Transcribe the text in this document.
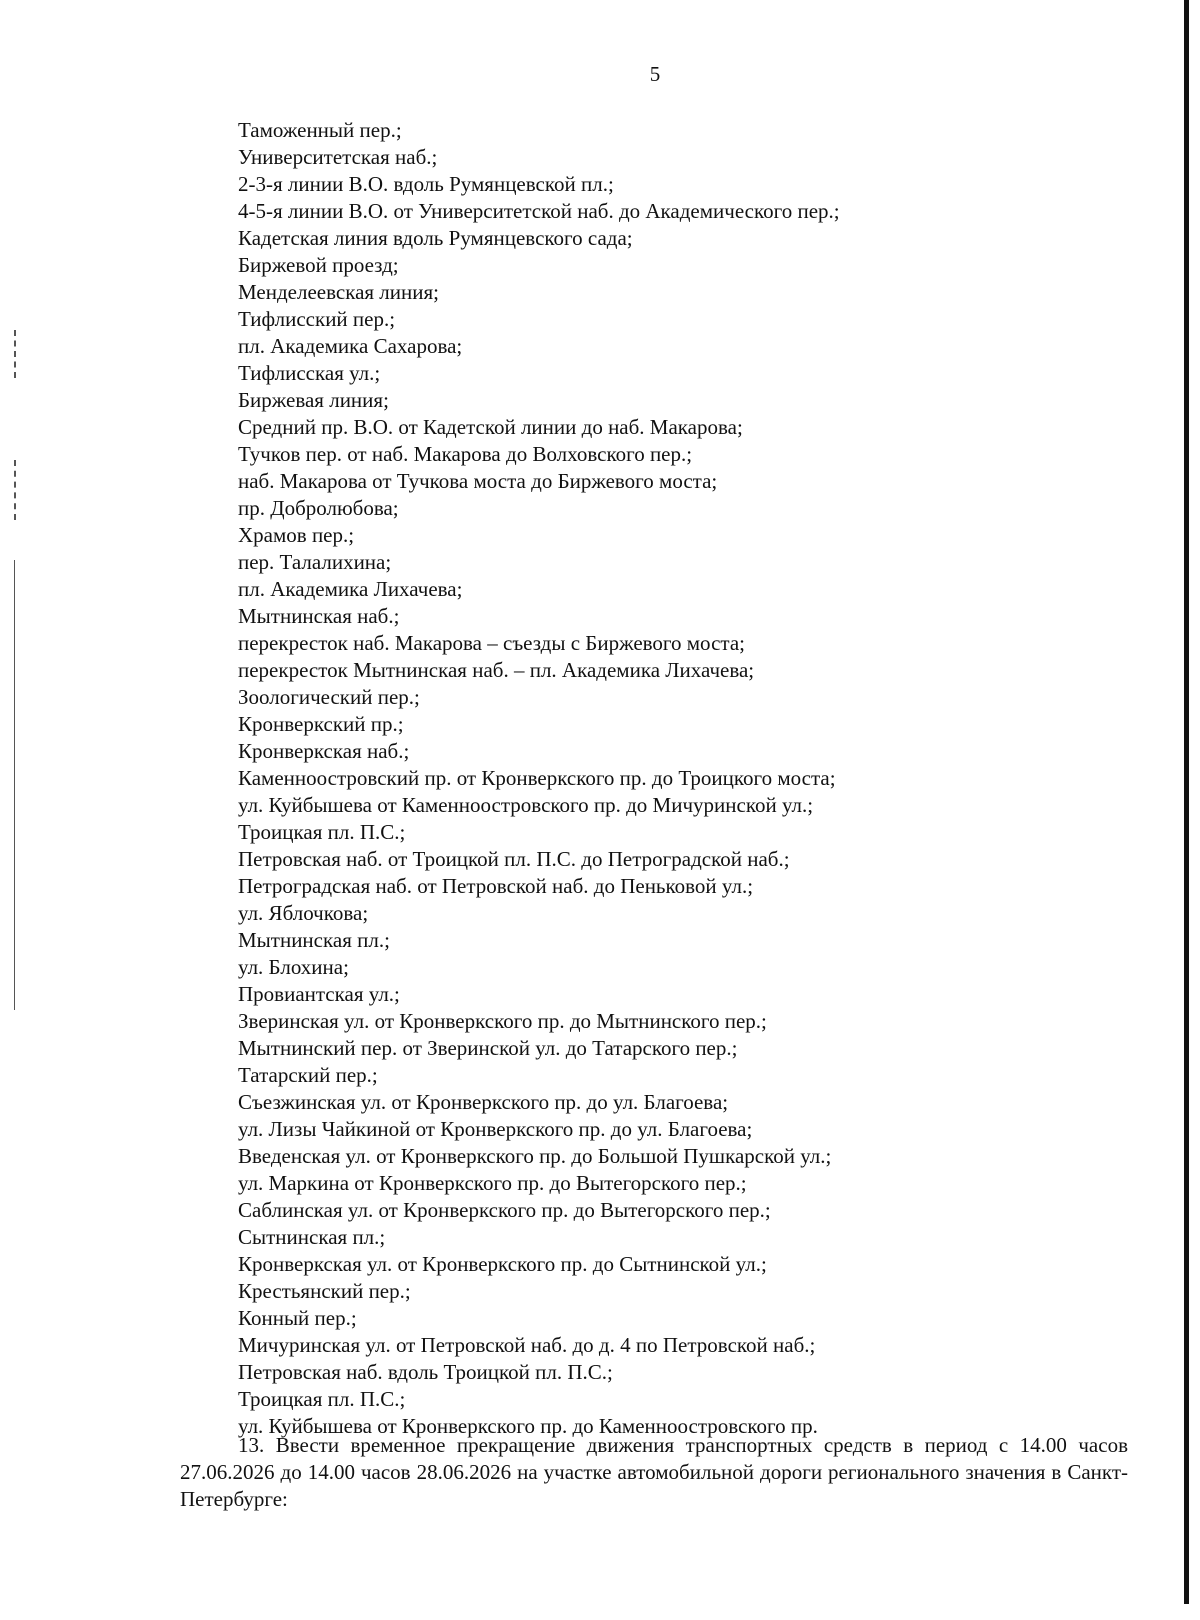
5
Таможенный пер.;
Университетская наб.;
2-3-я линии В.О. вдоль Румянцевской пл.;
4-5-я линии В.О. от Университетской наб. до Академического пер.;
Кадетская линия вдоль Румянцевского сада;
Биржевой проезд;
Менделеевская линия;
Тифлисский пер.;
пл. Академика Сахарова;
Тифлисская ул.;
Биржевая линия;
Средний пр. В.О. от Кадетской линии до наб. Макарова;
Тучков пер. от наб. Макарова до Волховского пер.;
наб. Макарова от Тучкова моста до Биржевого моста;
пр. Добролюбова;
Храмов пер.;
пер. Талалихина;
пл. Академика Лихачева;
Мытнинская наб.;
перекресток наб. Макарова – съезды с Биржевого моста;
перекресток Мытнинская наб. – пл. Академика Лихачева;
Зоологический пер.;
Кронверкский пр.;
Кронверкская наб.;
Каменноостровский пр. от Кронверкского пр. до Троицкого моста;
ул. Куйбышева от Каменноостровского пр. до Мичуринской ул.;
Троицкая пл. П.С.;
Петровская наб. от Троицкой пл. П.С. до Петроградской наб.;
Петроградская наб. от Петровской наб. до Пеньковой ул.;
ул. Яблочкова;
Мытнинская пл.;
ул. Блохина;
Провиантская ул.;
Зверинская ул. от Кронверкского пр. до Мытнинского пер.;
Мытнинский пер. от Зверинской ул. до Татарского пер.;
Татарский пер.;
Съезжинская ул. от Кронверкского пр. до ул. Благоева;
ул. Лизы Чайкиной от Кронверкского пр. до ул. Благоева;
Введенская ул. от Кронверкского пр. до Большой Пушкарской ул.;
ул. Маркина от Кронверкского пр. до Вытегорского пер.;
Саблинская ул. от Кронверкского пр. до Вытегорского пер.;
Сытнинская пл.;
Кронверкская ул. от Кронверкского пр. до Сытнинской ул.;
Крестьянский пер.;
Конный пер.;
Мичуринская ул. от Петровской наб. до д. 4 по Петровской наб.;
Петровская наб. вдоль Троицкой пл. П.С.;
Троицкая пл. П.С.;
ул. Куйбышева от Кронверкского пр. до Каменноостровского пр.

13. Ввести временное прекращение движения транспортных средств в период с 14.00 часов 27.06.2026 до 14.00 часов 28.06.2026 на участке автомобильной дороги регионального значения в Санкт-Петербурге:
